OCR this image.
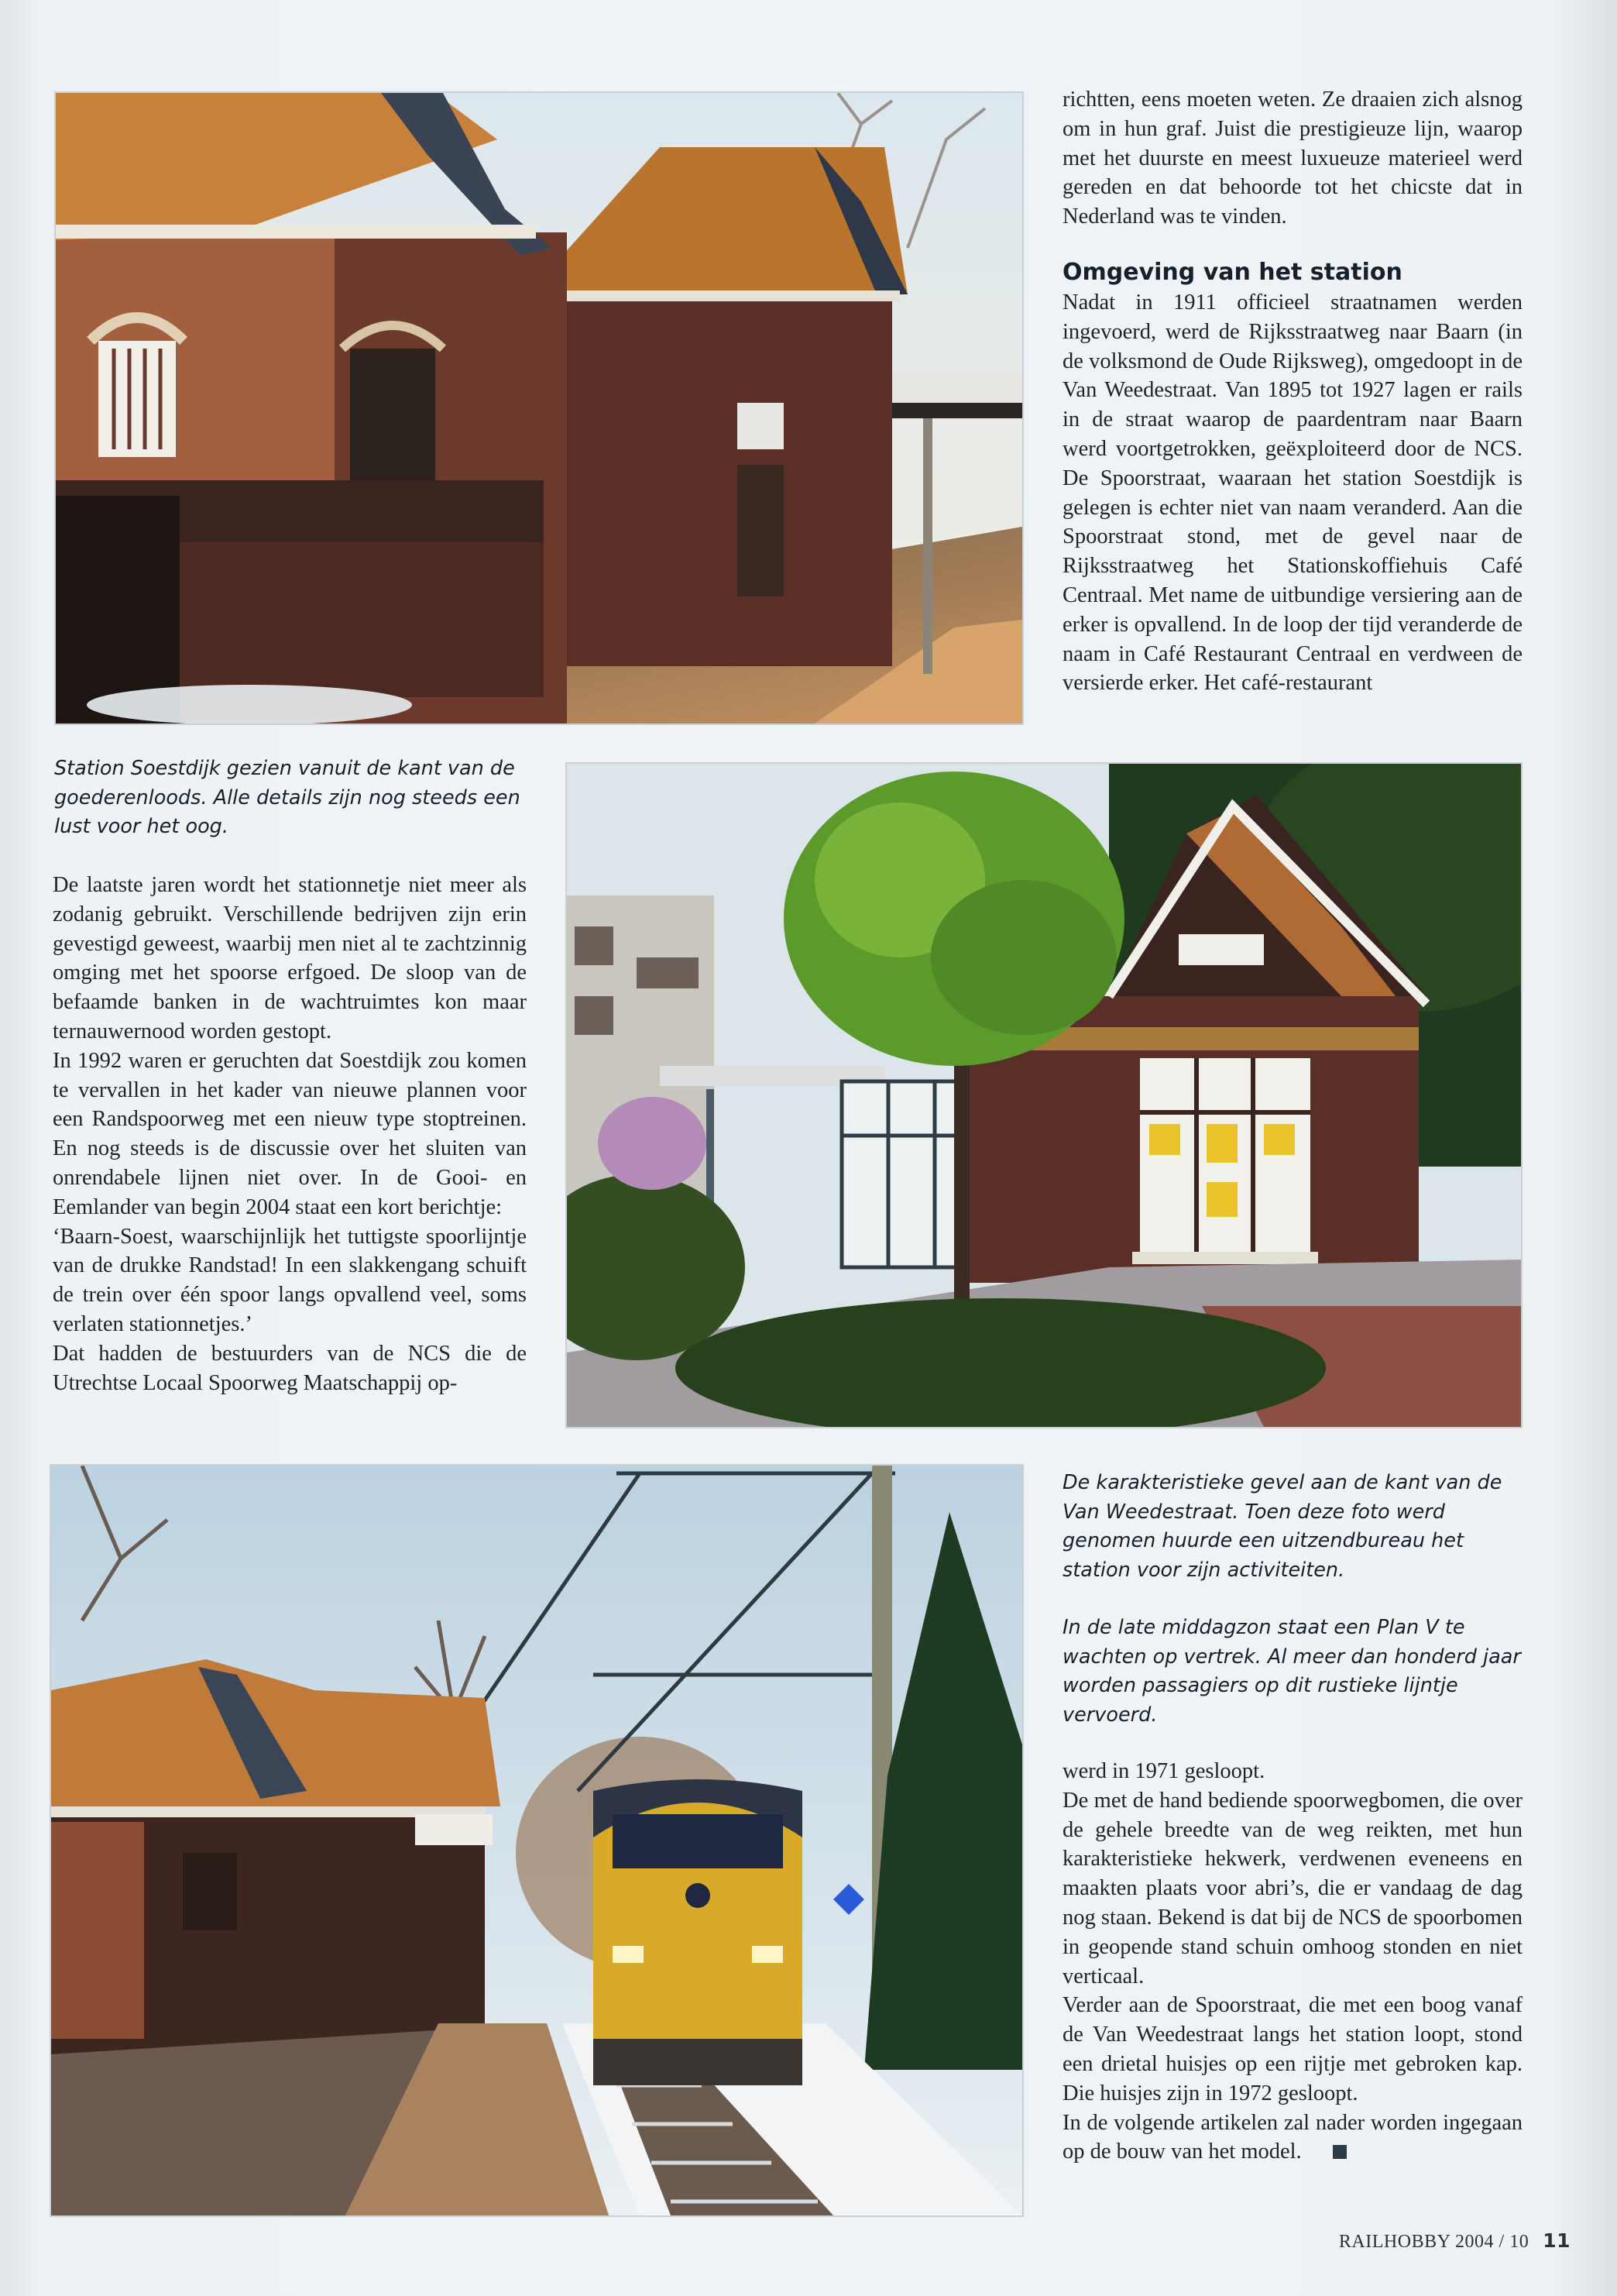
richtten, eens moeten weten. Ze draaien zich alsnog om in hun graf. Juist die prestigieuze lijn, waarop met het duurste en meest luxueuze materieel werd gereden en dat behoorde tot het chicste dat in Nederland was te vinden.

Omgeving van het station

Nadat in 1911 officieel straatnamen werden ingevoerd, werd de Rijksstraatweg naar Baarn (in de volksmond de Oude Rijksweg), omgedoopt in de Van Weedestraat. Van 1895 tot 1927 lagen er rails in de straat waarop de paardentram naar Baarn werd voortgetrokken, geëxploiteerd door de NCS. De Spoorstraat, waaraan het station Soestdijk is gelegen is echter niet van naam veranderd. Aan die Spoorstraat stond, met de gevel naar de Rijksstraatweg het Stationskoffiehuis Café Centraal. Met name de uitbundige versiering aan de erker is opvallend. In de loop der tijd veranderde de naam in Café Restaurant Centraal en verdween de versierde erker. Het café-restaurant

Station Soestdijk gezien vanuit de kant van de goederenloods. Alle details zijn nog steeds een lust voor het oog.

De laatste jaren wordt het stationnetje niet meer als zodanig gebruikt. Verschillende bedrijven zijn erin gevestigd geweest, waarbij men niet al te zachtzinnig omging met het spoorse erfgoed. De sloop van de befaamde banken in de wachtruimtes kon maar ternauwernood worden gestopt.

In 1992 waren er geruchten dat Soestdijk zou komen te vervallen in het kader van nieuwe plannen voor een Randspoorweg met een nieuw type stoptreinen. En nog steeds is de discussie over het sluiten van onrendabele lijnen niet over. In de Gooi- en Eemlander van begin 2004 staat een kort berichtje:

‘Baarn-Soest, waarschijnlijk het tuttigste spoorlijntje van de drukke Randstad! In een slakkengang schuift de trein over één spoor langs opvallend veel, soms verlaten stationnetjes.’

Dat hadden de bestuurders van de NCS die de Utrechtse Locaal Spoorweg Maatschappij op-

De karakteristieke gevel aan de kant van de Van Weedestraat. Toen deze foto werd genomen huurde een uitzendbureau het station voor zijn activiteiten.

In de late middagzon staat een Plan V te wachten op vertrek. Al meer dan honderd jaar worden passagiers op dit rustieke lijntje vervoerd.

werd in 1971 gesloopt.

De met de hand bediende spoorwegbomen, die over de gehele breedte van de weg reikten, met hun karakteristieke hekwerk, verdwenen eveneens en maakten plaats voor abri’s, die er vandaag de dag nog staan. Bekend is dat bij de NCS de spoorbomen in geopende stand schuin omhoog stonden en niet verticaal.

Verder aan de Spoorstraat, die met een boog vanaf de Van Weedestraat langs het station loopt, stond een drietal huisjes op een rijtje met gebroken kap. Die huisjes zijn in 1972 gesloopt.

In de volgende artikelen zal nader worden ingegaan op de bouw van het model.

RAILHOBBY 2004 / 10 11
